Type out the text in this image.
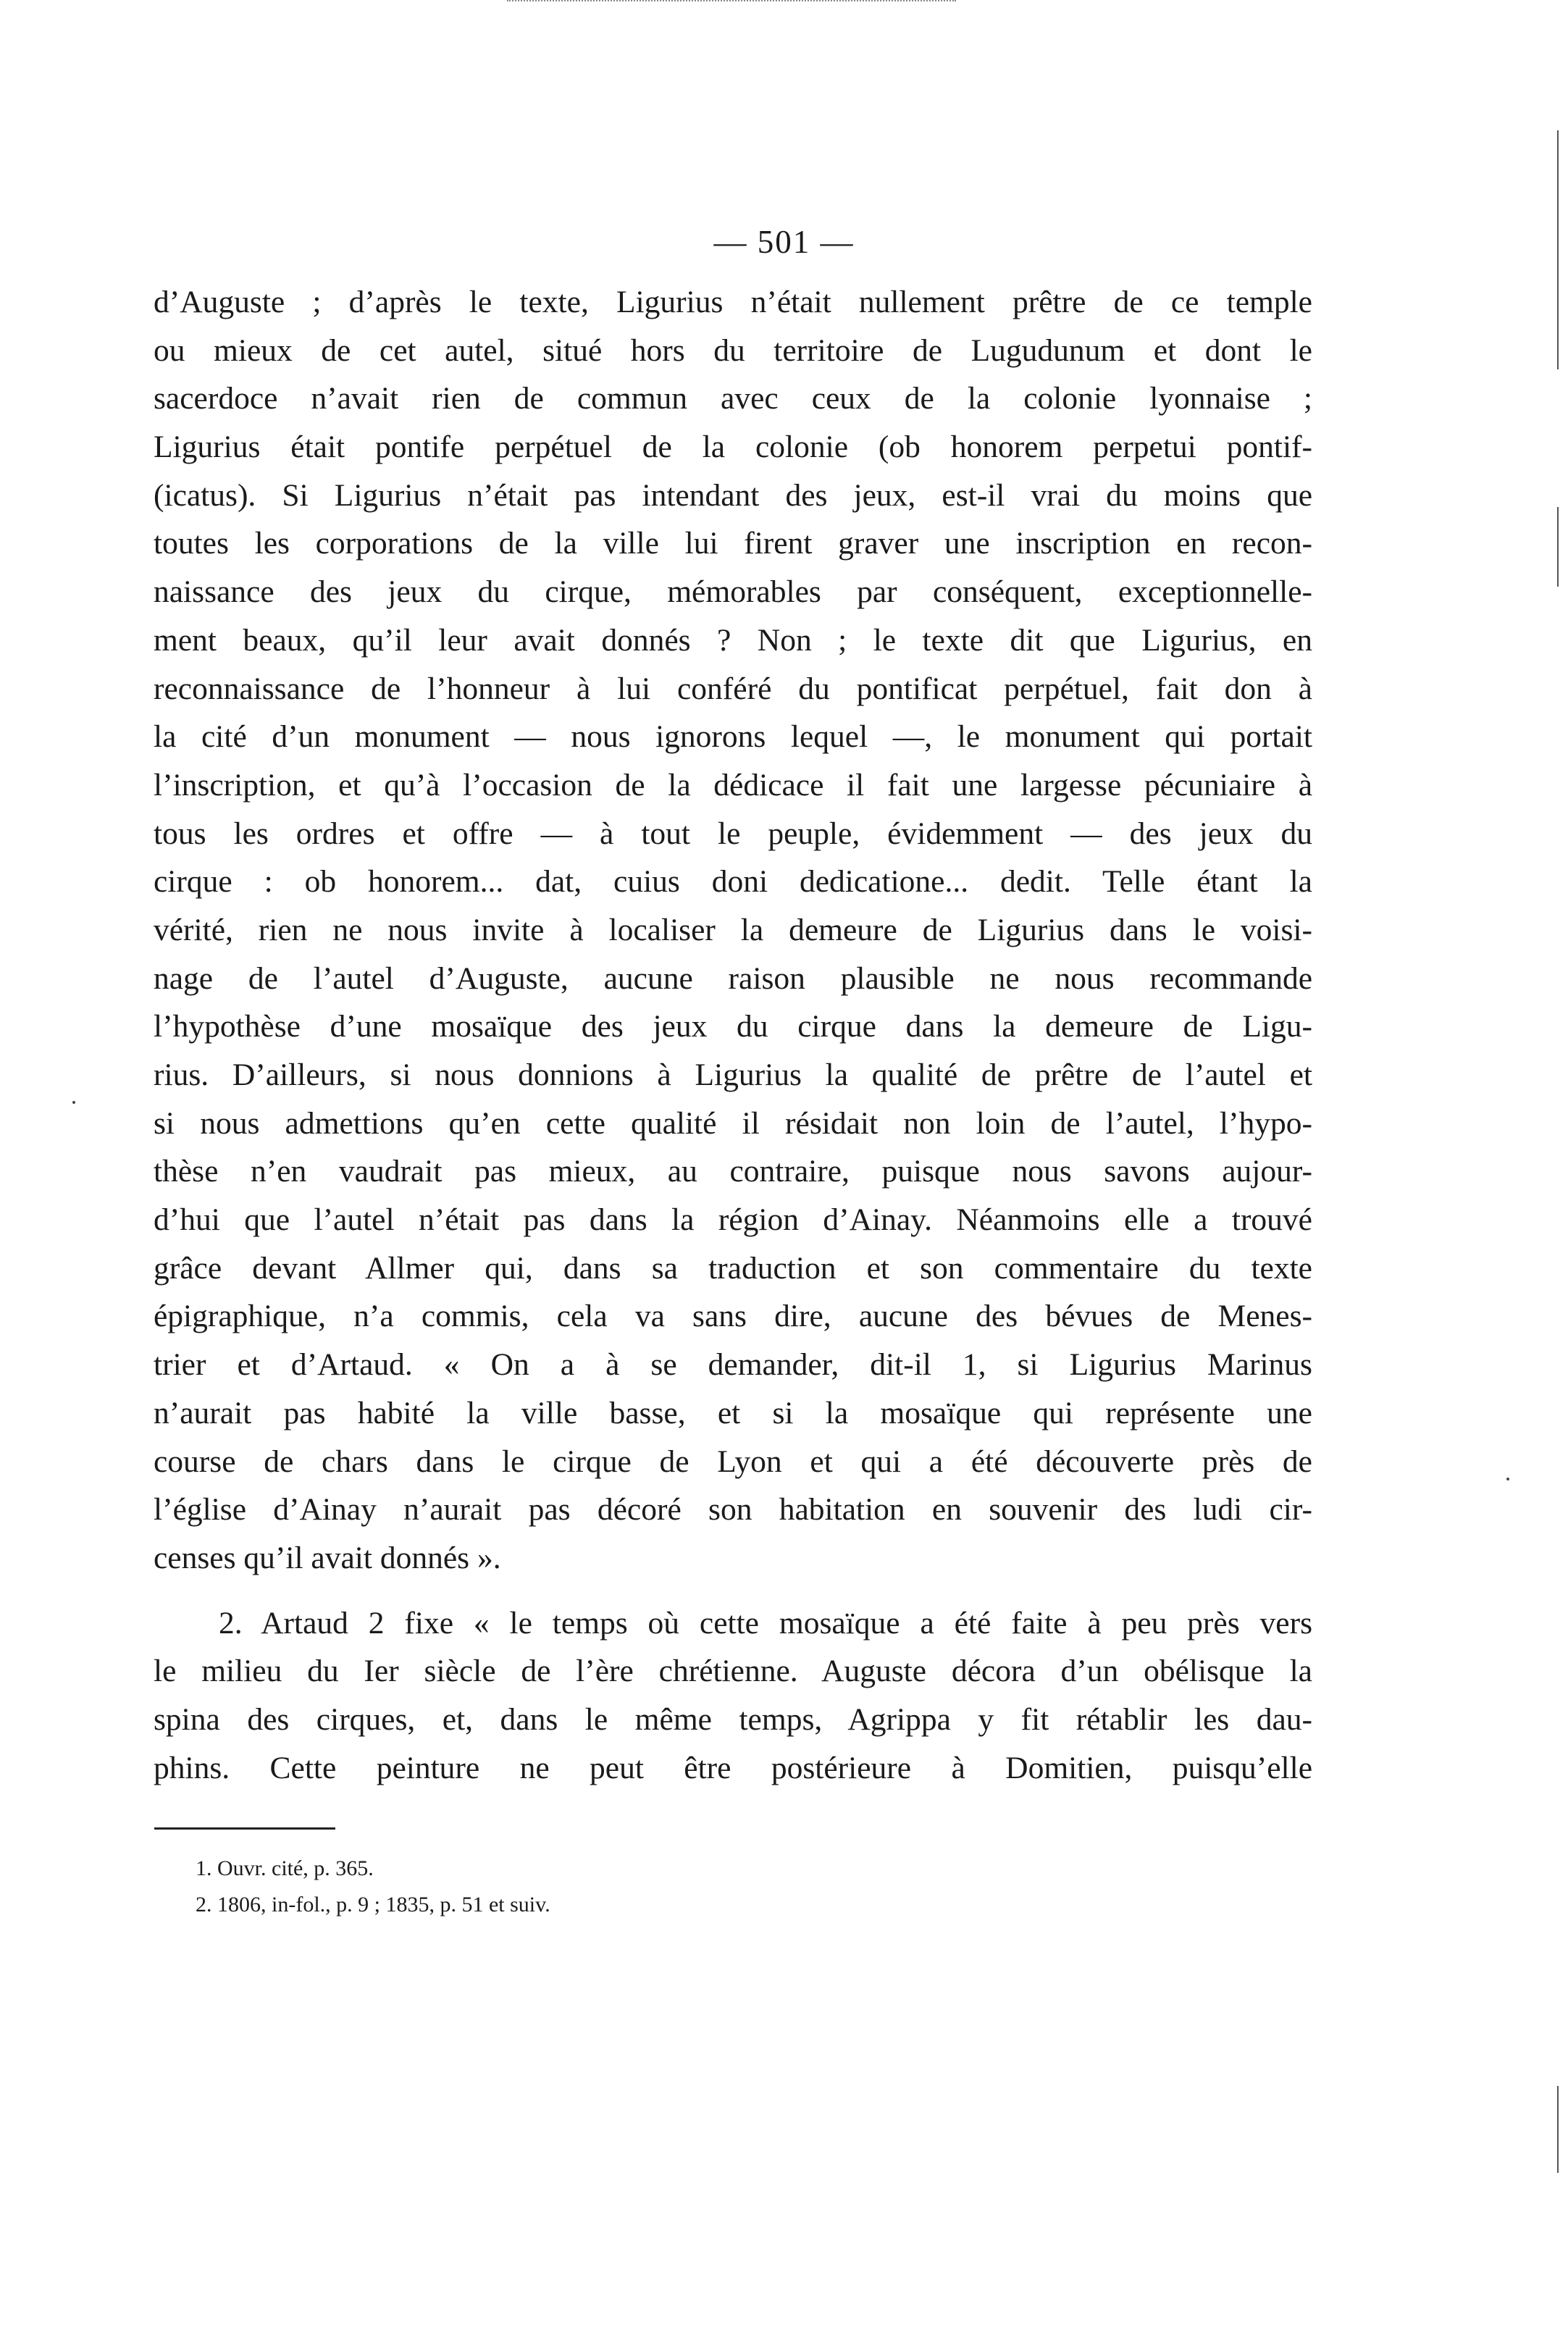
— 501 —
d’Auguste ; d’après le texte, Ligurius n’était nullement prêtre de ce temple
ou mieux de cet autel, situé hors du territoire de Lugudunum et dont le
sacerdoce n’avait rien de commun avec ceux de la colonie lyonnaise ;
Ligurius était pontife perpétuel de la colonie (ob honorem perpetui pontif-
(icatus). Si Ligurius n’était pas intendant des jeux, est-il vrai du moins que
toutes les corporations de la ville lui firent graver une inscription en recon-
naissance des jeux du cirque, mémorables par conséquent, exceptionnelle-
ment beaux, qu’il leur avait donnés ? Non ; le texte dit que Ligurius, en
reconnaissance de l’honneur à lui conféré du pontificat perpétuel, fait don à
la cité d’un monument — nous ignorons lequel —, le monument qui portait
l’inscription, et qu’à l’occasion de la dédicace il fait une largesse pécuniaire à
tous les ordres et offre — à tout le peuple, évidemment — des jeux du
cirque : ob honorem... dat, cuius doni dedicatione... dedit. Telle étant la
vérité, rien ne nous invite à localiser la demeure de Ligurius dans le voisi-
nage de l’autel d’Auguste, aucune raison plausible ne nous recommande
l’hypothèse d’une mosaïque des jeux du cirque dans la demeure de Ligu-
rius. D’ailleurs, si nous donnions à Ligurius la qualité de prêtre de l’autel et
si nous admettions qu’en cette qualité il résidait non loin de l’autel, l’hypo-
thèse n’en vaudrait pas mieux, au contraire, puisque nous savons aujour-
d’hui que l’autel n’était pas dans la région d’Ainay. Néanmoins elle a trouvé
grâce devant Allmer qui, dans sa traduction et son commentaire du texte
épigraphique, n’a commis, cela va sans dire, aucune des bévues de Menes-
trier et d’Artaud. « On a à se demander, dit-il 1, si Ligurius Marinus
n’aurait pas habité la ville basse, et si la mosaïque qui représente une
course de chars dans le cirque de Lyon et qui a été découverte près de
l’église d’Ainay n’aurait pas décoré son habitation en souvenir des ludi cir-
censes qu’il avait donnés ».
2. Artaud 2 fixe « le temps où cette mosaïque a été faite à peu près vers
le milieu du Ier siècle de l’ère chrétienne. Auguste décora d’un obélisque la
spina des cirques, et, dans le même temps, Agrippa y fit rétablir les dau-
phins. Cette peinture ne peut être postérieure à Domitien, puisqu’elle
1. Ouvr. cité, p. 365.
2. 1806, in-fol., p. 9 ; 1835, p. 51 et suiv.
